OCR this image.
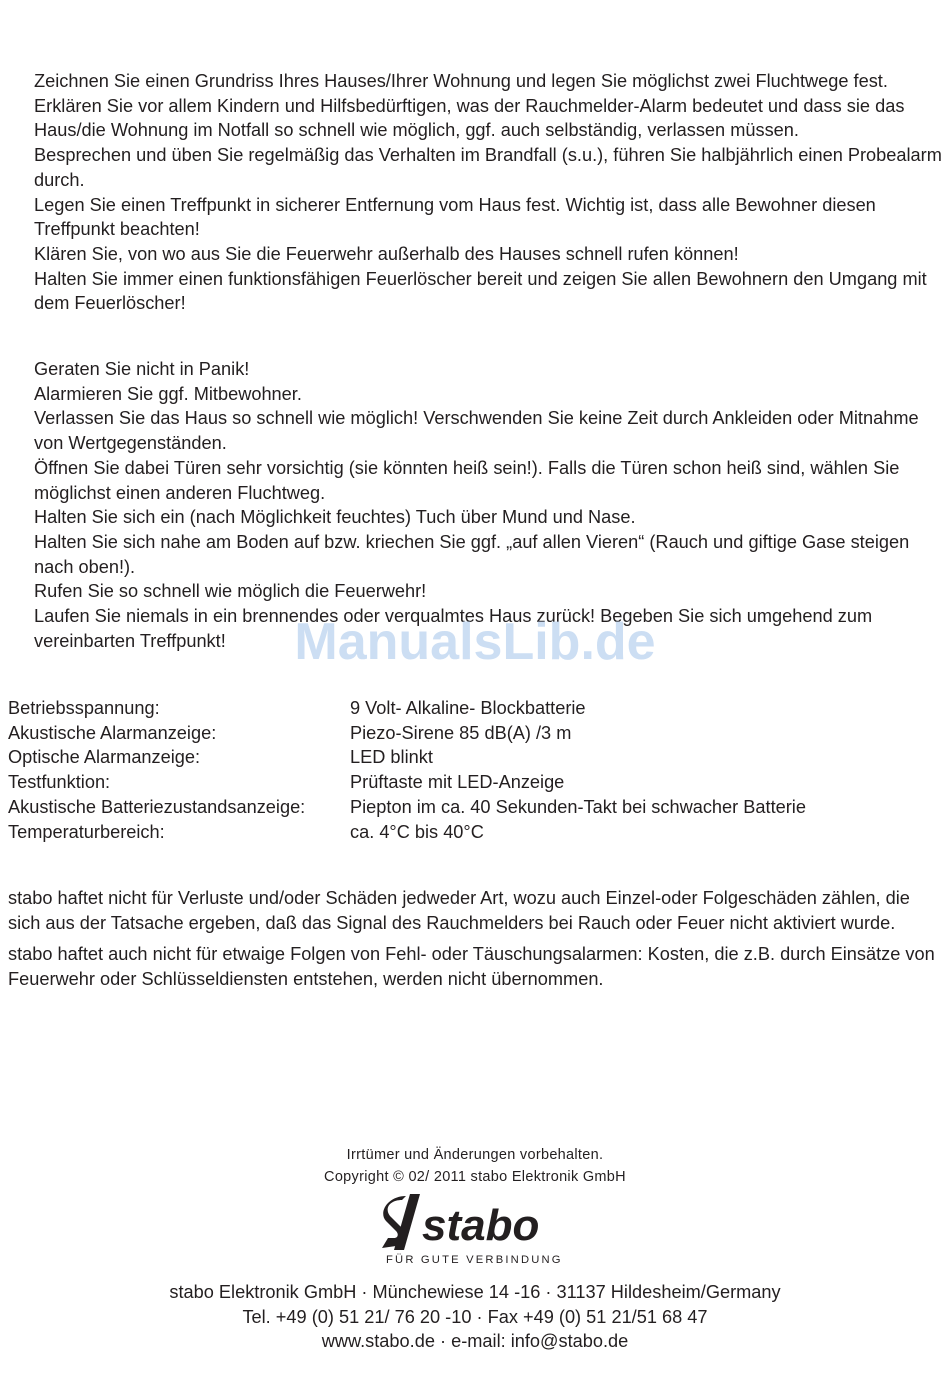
Zeichnen Sie einen Grundriss Ihres Hauses/Ihrer Wohnung und legen Sie möglichst zwei Fluchtwege fest.

Erklären Sie vor allem Kindern und Hilfsbedürftigen, was der Rauchmelder-Alarm bedeutet und dass sie das Haus/die Wohnung im Notfall so schnell wie möglich, ggf. auch selbständig, verlassen müssen.

Besprechen und üben Sie regelmäßig das Verhalten im Brandfall (s.u.), führen Sie halbjährlich einen Probealarm durch.

Legen Sie einen Treffpunkt in sicherer Entfernung vom Haus fest. Wichtig ist, dass alle Bewohner diesen Treffpunkt beachten!

Klären Sie, von wo aus Sie die Feuerwehr außerhalb des Hauses schnell rufen können!

Halten Sie immer einen funktionsfähigen Feuerlöscher bereit und zeigen Sie allen Bewohnern den Umgang mit dem Feuerlöscher!

Geraten Sie nicht in Panik!

Alarmieren Sie ggf. Mitbewohner.

Verlassen Sie das Haus so schnell wie möglich! Verschwenden Sie keine Zeit durch Ankleiden oder Mitnahme von Wertgegenständen.

Öffnen Sie dabei Türen sehr vorsichtig (sie könnten heiß sein!). Falls die Türen schon heiß sind, wählen Sie möglichst einen anderen Fluchtweg.

Halten Sie sich ein (nach Möglichkeit feuchtes) Tuch über Mund und Nase.

Halten Sie sich nahe am Boden auf bzw. kriechen Sie ggf. „auf allen Vieren“ (Rauch und giftige Gase steigen nach oben!).

Rufen Sie so schnell wie möglich die Feuerwehr!

Laufen Sie niemals in ein brennendes oder verqualmtes Haus zurück! Begeben Sie sich umgehend zum vereinbarten Treffpunkt!	ManualsLib.de
Betriebsspannung:	9 Volt- Alkaline- Blockbatterie
Akustische Alarmanzeige:	Piezo-Sirene 85 dB(A) /3 m
Optische Alarmanzeige:	LED blinkt
Testfunktion:	Prüftaste mit LED-Anzeige
Akustische Batteriezustandsanzeige:	Piepton im ca. 40 Sekunden-Takt bei schwacher Batterie
Temperaturbereich:	ca. 4°C bis 40°C

stabo haftet nicht für Verluste und/oder Schäden jedweder Art, wozu auch Einzel-oder Folgeschäden zählen, die sich aus der Tatsache ergeben, daß das Signal des Rauchmelders bei Rauch oder Feuer nicht aktiviert wurde.

stabo haftet auch nicht für etwaige Folgen von Fehl- oder Täuschungsalarmen: Kosten, die z.B. durch Einsätze von Feuerwehr oder Schlüsseldiensten entstehen, werden nicht übernommen.

Irrtümer und Änderungen vorbehalten.
Copyright © 02/ 2011 stabo Elektronik GmbH
stabo
FÜR GUTE VERBINDUNG
stabo Elektronik GmbH · Münchewiese 14 -16 · 31137 Hildesheim/Germany
Tel. +49 (0) 51 21/ 76 20 -10 · Fax +49 (0) 51 21/51 68 47
www.stabo.de · e-mail: info@stabo.de
